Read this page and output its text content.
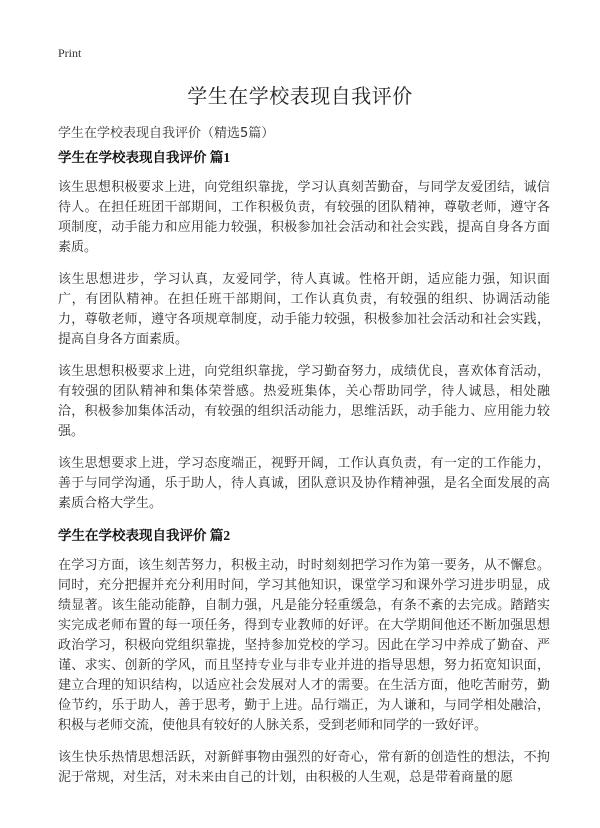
Print
学生在学校表现自我评价
学生在学校表现自我评价（精选5篇）
学生在学校表现自我评价 篇1

该生思想积极要求上进，向党组织靠拢，学习认真刻苦勤奋，与同学友爱团结，诚信待人。在担任班团干部期间，工作积极负责，有较强的团队精神，尊敬老师，遵守各项制度，动手能力和应用能力较强，积极参加社会活动和社会实践，提高自身各方面素质。

该生思想进步，学习认真，友爱同学，待人真诚。性格开朗，适应能力强，知识面广，有团队精神。在担任班干部期间，工作认真负责，有较强的组织、协调活动能力，尊敬老师，遵守各项规章制度，动手能力较强，积极参加社会活动和社会实践，提高自身各方面素质。

该生思想积极要求上进，向党组织靠拢，学习勤奋努力，成绩优良，喜欢体育活动，有较强的团队精神和集体荣誉感。热爱班集体，关心帮助同学，待人诚恳，相处融洽，积极参加集体活动，有较强的组织活动能力，思维活跃，动手能力、应用能力较强。

该生思想要求上进，学习态度端正，视野开阔，工作认真负责，有一定的工作能力，善于与同学沟通，乐于助人，待人真诚，团队意识及协作精神强，是名全面发展的高素质合格大学生。

学生在学校表现自我评价 篇2

在学习方面，该生刻苦努力，积极主动，时时刻刻把学习作为第一要务，从不懈怠。同时，充分把握并充分利用时间，学习其他知识，课堂学习和课外学习进步明显，成绩显著。该生能动能静，自制力强，凡是能分轻重缓急，有条不紊的去完成。踏踏实实完成老师布置的每一项任务，得到专业教师的好评。在大学期间他还不断加强思想政治学习，积极向党组织靠拢，坚持参加党校的学习。因此在学习中养成了勤奋、严谨、求实、创新的学风，而且坚持专业与非专业并进的指导思想，努力拓宽知识面，建立合理的知识结构，以适应社会发展对人才的需要。在生活方面，他吃苦耐劳，勤俭节约，乐于助人，善于思考，勤于上进。品行端正，为人谦和，与同学相处融洽，积极与老师交流，使他具有较好的人脉关系，受到老师和同学的一致好评。

该生快乐热情思想活跃，对新鲜事物由强烈的好奇心，常有新的创造性的想法，不拘泥于常规，对生活，对未来由自己的计划，由积极的人生观，总是带着商量的愿
